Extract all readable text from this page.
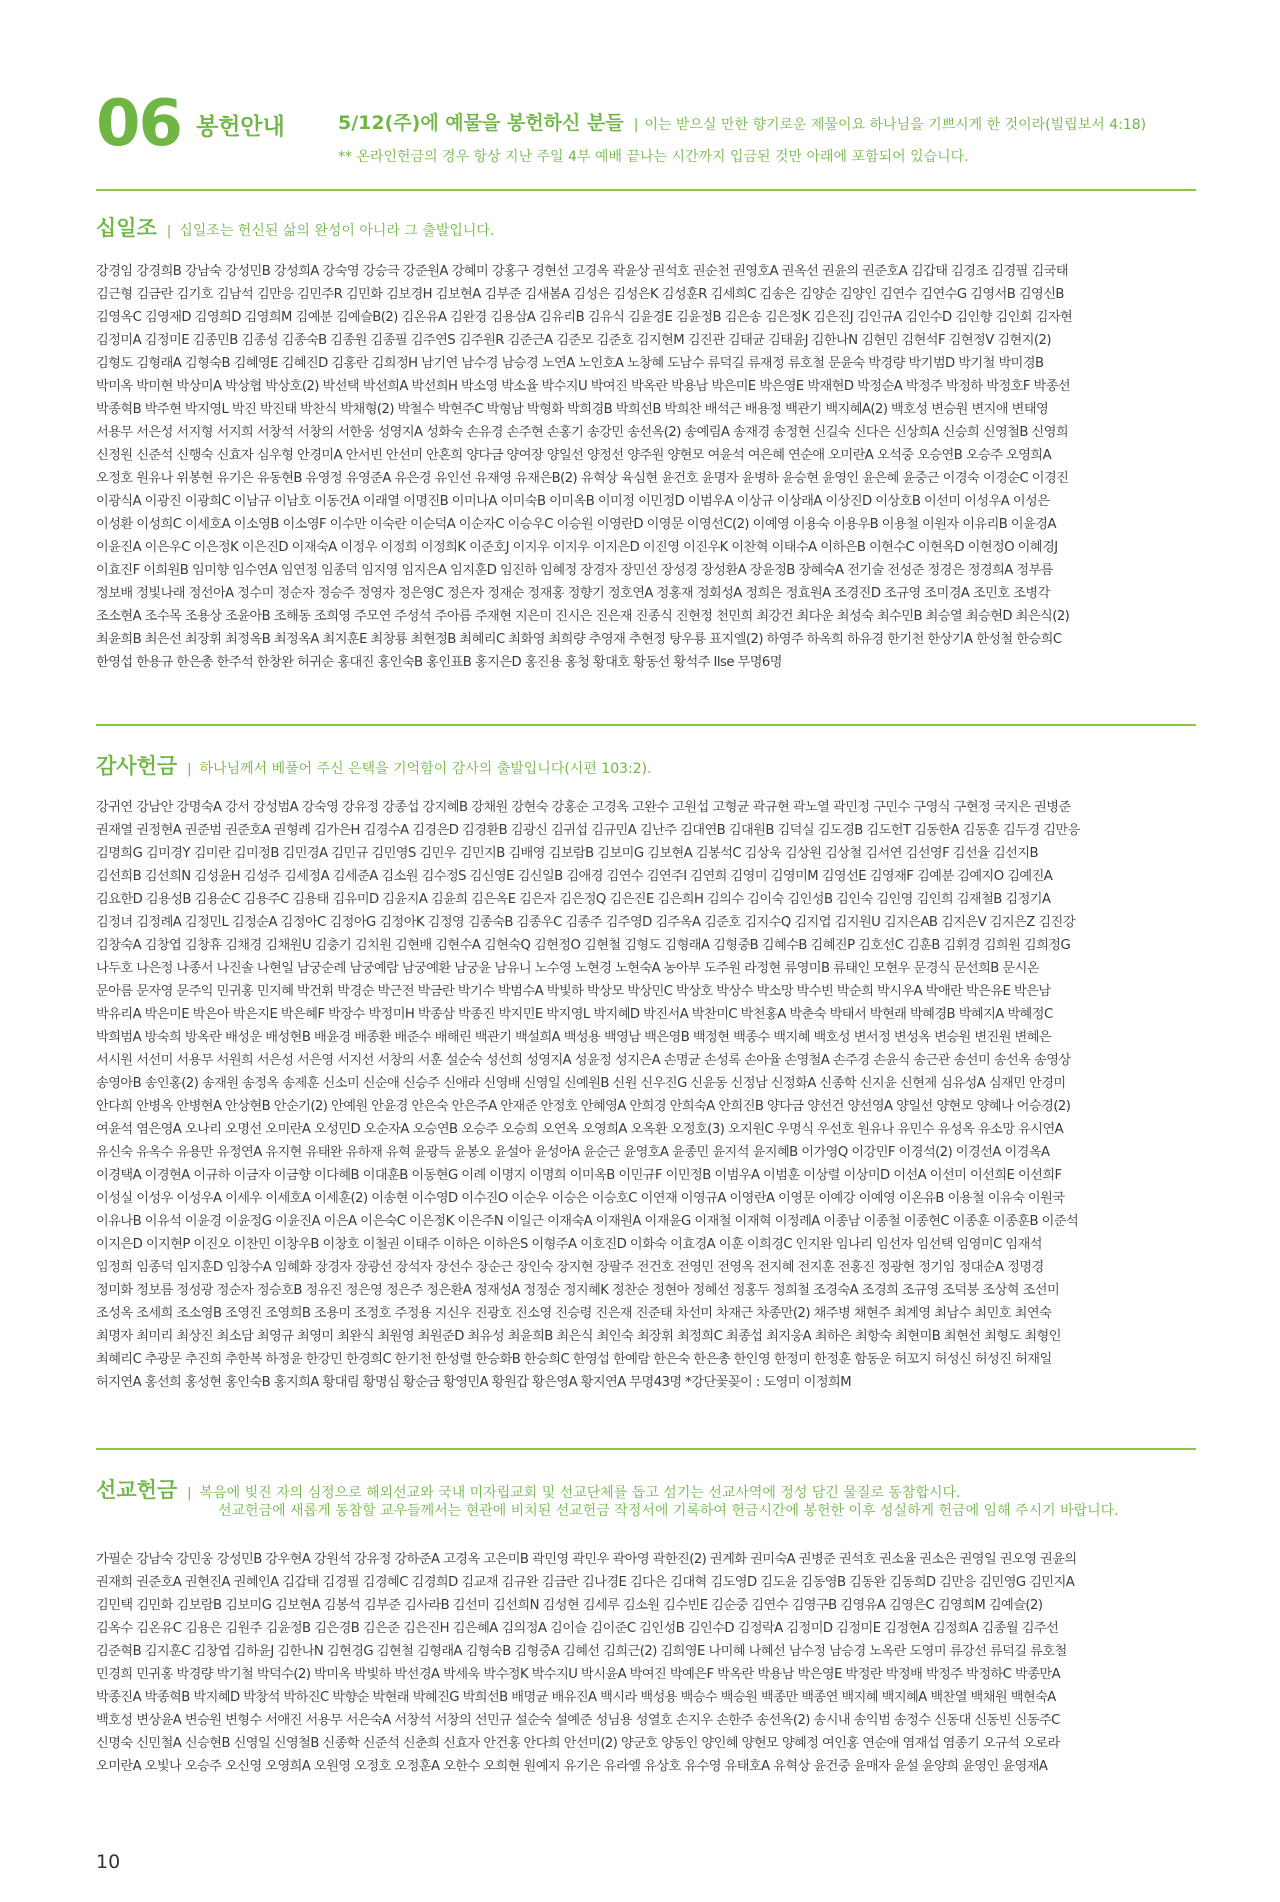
06 봉헌안내	5/12(주)에 예물을 봉헌하신 분들 | 이는 받으실 만한 향기로운 제물이요 하나님을 기쁘시게 한 것이라(빌립보서 4:18)
** 온라인헌금의 경우 항상 지난 주일 4부 예배 끝나는 시간까지 입금된 것만 아래에 포함되어 있습니다.
십일조 | 십일조는 헌신된 삶의 완성이 아니라 그 출발입니다.
강경임 강경희B 강남숙 강성민B 강성희A 강숙영 강승극 강준원A 강혜미 강홍구 경현선 고경옥 곽윤상 권석호 권순천 권영호A 권옥선 권윤의 권준호A 김갑태 김경조 김경필 김국태
김근형 김금란 김기호 김남석 김만응 김민주R 김민화 김보경H 김보현A 김부준 김새봄A 김성은 김성은K 김성훈R 김세희C 김송은 김양순 김양인 김연수 김연수G 김영서B 김영신B
김영옥C 김영재D 김영희D 김영희M 김예분 김예슬B(2) 김온유A 김완경 김용삼A 김유리B 김유식 김윤경E 김윤정B 김은송 김은정K 김은진J 김인규A 김인수D 김인향 김인회 김자현
김정미A 김정미E 김종민B 김종성 김종숙B 김종원 김종필 김주연S 김주원R 김준근A 김준모 김준호 김지현M 김진관 김태균 김태윤J 김한나N 김현민 김현석F 김현정V 김현지(2)
김형도 김형래A 김형숙B 김혜영E 김혜진D 김홍란 김희정H 남기연 남수경 남승경 노연A 노인호A 노창혜 도남수 류덕길 류재정 류호철 문윤숙 박경량 박기범D 박기철 박미경B
박미옥 박미현 박상미A 박상협 박상호(2) 박선택 박선희A 박선희H 박소영 박소율 박수지U 박여진 박옥란 박용남 박은미E 박은영E 박재현D 박정순A 박정주 박정하 박정호F 박종선
박종혁B 박주현 박지영L 박진 박진태 박찬식 박채형(2) 박철수 박현주C 박형남 박형화 박희경B 박희선B 박희찬 배석근 배용정 백관기 백지혜A(2) 백호성 변승원 변지애 변태영
서용무 서은성 서지형 서지희 서창석 서창의 서한웅 성영지A 성화숙 손유경 손주현 손홍기 송강민 송선옥(2) 송예림A 송재경 송정현 신길숙 신다은 신상희A 신승희 신영철B 신영희
신정원 신준석 신행숙 신효자 심우형 안경미A 안서빈 안선미 안혼희 양다금 양여장 양일선 양정선 양주원 양현모 여윤석 여은혜 연순애 오미란A 오석중 오승연B 오승주 오영희A
오정호 원유나 위봉현 유기은 유동현B 유영정 유영준A 유은경 유인선 유재영 유재은B(2) 유혁상 육심현 윤건호 윤명자 윤병하 윤승현 윤영인 윤은혜 윤중근 이경숙 이경순C 이경진
이광식A 이광진 이광희C 이남규 이남호 이동건A 이래열 이명진B 이미나A 이미숙B 이미옥B 이미정 이민정D 이범우A 이상규 이상래A 이상진D 이상호B 이선미 이성우A 이성은
이성환 이성희C 이세호A 이소영B 이소영F 이수만 이숙란 이순덕A 이순자C 이승우C 이승원 이영란D 이영문 이영선C(2) 이예영 이용숙 이용우B 이용철 이원자 이유리B 이윤경A
이윤진A 이은우C 이은정K 이은진D 이재숙A 이정우 이정희 이정희K 이준호J 이지우 이지우 이지은D 이진영 이진우K 이찬혁 이태수A 이하은B 이현수C 이현옥D 이현정O 이혜경J
이효진F 이희원B 임미향 임수연A 임연정 임종덕 임지영 임지은A 임지훈D 임진하 임혜정 장경자 장민선 장성경 장성환A 장윤정B 장혜숙A 전기술 전성준 정경은 정경희A 정부름
정보배 정빛나래 정선아A 정수미 정순자 정승주 정영자 정은영C 정은자 정재순 정재홍 정향기 정호연A 정홍재 정회성A 정희은 정효원A 조경진D 조규영 조미경A 조민호 조병각
조소현A 조수목 조용상 조윤아B 조해동 조희영 주모연 주성석 주아름 주재현 지은미 진시은 진은재 진종식 진현정 천민희 최강건 최다운 최성숙 최수민B 최승열 최승현D 최은식(2)
최윤희B 최은선 최장휘 최정옥B 최정옥A 최지훈E 최창룡 최현정B 최혜리C 최화영 최희량 추영재 추현정 탕우룡 표지엘(2) 하영주 하옥희 하유경 한기천 한상기A 한성철 한승희C
한영섭 한용규 한은총 한주석 한창완 허귀순 홍대진 홍인숙B 홍인표B 홍지은D 홍진용 홍청 황대호 황동선 황석주 Ilse 무명6명
감사헌금 | 하나님께서 베풀어 주신 은택을 기억함이 감사의 출발입니다(시편 103:2).
강귀연 강남안 강명숙A 강서 강성범A 강숙영 강유정 강종섭 강지혜B 강채원 강현숙 강홍순 고경옥 고완수 고원섭 고형균 곽규현 곽노열 곽민정 구민수 구영식 구현정 국지은 권병준
권재열 권정현A 권준범 권준호A 권형례 김가은H 김경수A 김경은D 김경환B 김광신 김귀섭 김규민A 김난주 김대연B 김대원B 김덕실 김도경B 김도헌T 김동한A 김동훈 김두경 김만응
김명희G 김미경Y 김미란 김미정B 김민경A 김민규 김민영S 김민우 김민지B 김배영 김보람B 김보미G 김보현A 김봉석C 김상욱 김상원 김상철 김서연 김선영F 김선율 김선지B
김선희B 김선희N 김성윤H 김성주 김세정A 김세준A 김소원 김수정S 김신영E 김신일B 김애경 김연수 김연주I 김연희 김영미 김영미M 김영선E 김영재F 김예분 김예지O 김예진A
김요한D 김용성B 김용순C 김용주C 김용태 김유미D 김윤지A 김윤희 김은옥E 김은자 김은정Q 김은진E 김은희H 김의수 김이숙 김인성B 김인숙 김인영 김인희 김재철B 김정기A
김정녀 김정례A 김정민L 김정순A 김정아C 김정아G 김정아K 김정영 김종숙B 김종우C 김종주 김주영D 김주옥A 김준호 김지수Q 김지엽 김지원U 김지은AB 김지은V 김지은Z 김진강
김창숙A 김창엽 김창휴 김채경 김채원U 김충기 김치원 김현배 김현수A 김현숙Q 김현정O 김현철 김형도 김형래A 김형중B 김혜수B 김혜진P 김호선C 김훈B 김휘경 김희원 김희정G
나두호 나은정 나종서 나진솔 나현일 남궁순례 남궁예람 남궁예환 남궁윤 남유니 노수영 노현경 노현숙A 농아부 도주원 라정현 류영미B 류태인 모현우 문경식 문선희B 문시온
문아름 문자영 문주익 민귀홍 민지혜 박건휘 박경순 박근전 박금란 박기수 박범수A 박빛하 박상모 박상민C 박상호 박상수 박소망 박수빈 박순희 박시우A 박애란 박은유E 박은남
박유리A 박은미E 박은아 박은지E 박은혜F 박장수 박정미H 박종삼 박종진 박지민E 박지영L 박지혜D 박진서A 박찬미C 박천홍A 박춘숙 박태서 박현래 박혜경B 박혜지A 박혜정C
박희범A 방숙희 방옥란 배성운 배성현B 배윤경 배종환 배준수 배해린 백관기 백설희A 백성용 백영남 백은영B 백정현 백종수 백지혜 백호성 변서정 변성옥 변승원 변진원 변혜은
서시원 서선미 서용무 서원희 서은성 서은영 서지선 서창의 서훈 설순숙 성선희 성영지A 성윤정 성지은A 손명균 손성록 손아율 손영철A 손주경 손윤식 송근관 송선미 송선옥 송영상
송영아B 송인홍(2) 송재원 송정옥 송제훈 신소미 신순애 신승주 신애라 신영배 신영일 신예원B 신원 신우진G 신윤동 신정남 신정화A 신종학 신지윤 신현제 심유성A 심재민 안경미
안다희 안병옥 안병현A 안상현B 안순기(2) 안예원 안윤경 안은숙 안은주A 안재준 안정호 안혜영A 안희경 안희숙A 안희진B 양다금 양선건 양선영A 양일선 양현모 양혜나 어승경(2)
여윤석 염은영A 오나리 오명선 오미란A 오성민D 오순자A 오승연B 오승주 오승희 오연옥 오영희A 오옥환 오정호(3) 오지원C 우명식 우선호 원유나 유민수 유성옥 유소망 유시연A
유신숙 유옥수 유용만 유정연A 유지현 유태완 유하재 유혁 윤광득 윤봉오 윤설아 윤성아A 윤순근 윤영호A 윤종민 윤지석 윤지혜B 이가영Q 이강민F 이경석(2) 이경선A 이경옥A
이경택A 이경현A 이규하 이금자 이금향 이다혜B 이대훈B 이동현G 이례 이명지 이명희 이미옥B 이민규F 이민정B 이범우A 이범훈 이상렬 이상미D 이선A 이선미 이선희E 이선희F
이성실 이성우 이성우A 이세우 이세호A 이세훈(2) 이송현 이수영D 이수진O 이순우 이승은 이승호C 이연재 이영규A 이영란A 이영문 이예강 이예영 이온유B 이용철 이유숙 이원국
이유나B 이유석 이윤경 이윤정G 이윤진A 이은A 이은숙C 이은정K 이은주N 이일근 이재숙A 이재원A 이재윤G 이재철 이재혁 이정례A 이종남 이종철 이종현C 이종훈 이종훈B 이준석
이지은D 이지현P 이진오 이찬민 이창우B 이창호 이철권 이태주 이하은 이하은S 이형주A 이호진D 이화숙 이효경A 이훈 이희경C 인지완 임나리 임선자 임선택 임영미C 임재석
임정희 임종덕 임지훈D 임창수A 임혜화 장경자 장광선 장석자 장선수 장순근 장인숙 장지현 장팔주 전건호 전영민 전영옥 전지혜 전지훈 전홍진 정광현 정기임 정대순A 정명경
정미화 정보름 정성광 정순자 정승호B 정유진 정은영 정은주 정은환A 정재성A 정정순 정지혜K 정찬순 정현아 정혜선 정홍두 정희철 조경숙A 조경희 조규영 조덕붕 조상혁 조선미
조성옥 조세희 조소영B 조영진 조영희B 조용미 조정호 주정용 지신우 진광호 진소영 진승령 진은재 진준태 차선미 차재근 차종만(2) 채주병 채현주 최계영 최남수 최민호 최연숙
최명자 최미리 최상진 최소담 최영규 최영미 최완식 최원영 최원준D 최유성 최윤희B 최은식 최인숙 최장휘 최정희C 최종섭 최지웅A 최하은 최항숙 최현미B 최현선 최형도 최형인
최혜리C 추광문 추진희 추한복 하정윤 한강민 한경희C 한기천 한성렬 한승화B 한승희C 한영섭 한예람 한은숙 한은총 한인영 한정미 한정훈 함동운 허꼬지 허성신 허성진 허재일
허지연A 홍선희 홍성현 홍인숙B 홍지희A 황대림 황명심 황순금 황영민A 황원갑 황은영A 황지연A 무명43명 *강단꽃꽂이 : 도영미 이정희M
선교헌금 | 복음에 빚진 자의 심정으로 해외선교와 국내 미자립교회 및 선교단체를 돕고 섬기는 선교사역에 정성 담긴 물질로 동참합시다.
선교헌금에 새롭게 동참할 교우들께서는 현관에 비치된 선교헌금 작정서에 기록하여 헌금시간에 봉헌한 이후 성실하게 헌금에 임해 주시기 바랍니다.
가필순 강남숙 강민웅 강성민B 강우현A 강원석 강유정 강하준A 고경옥 고은미B 곽민영 곽민우 곽아영 곽한진(2) 권계화 권미숙A 권병준 권석호 권소율 권소은 권영일 권오영 권윤의
권재희 권준호A 권현진A 권혜인A 김갑태 김경필 김경혜C 김경희D 김교재 김규완 김금란 김나경E 김다은 김대혁 김도영D 김도윤 김동영B 김동완 김동희D 김만응 김민영G 김민지A
김민택 김민화 김보람B 김보미G 김보현A 김봉석 김부준 김사라B 김선미 김선희N 김성현 김세루 김소원 김수빈E 김순중 김연수 김영구B 김영유A 김영은C 김영희M 김예슬(2)
김옥수 김온유C 김용은 김원주 김윤정B 김은경B 김은준 김은진H 김은혜A 김의정A 김이슬 김이준C 김인성B 김인수D 김정락A 김정미D 김정미E 김정현A 김정희A 김종월 김주선
김준혁B 김지훈C 김창엽 김하윤J 김한나N 김현경G 김현철 김형래A 김형숙B 김형중A 김혜선 김희근(2) 김희영E 나미혜 나혜선 남수정 남승경 노옥란 도영미 류강선 류덕길 류호철
민경희 민귀홍 박경량 박기철 박덕수(2) 박미옥 박빛하 박선경A 박세욱 박수정K 박수지U 박시윤A 박여진 박예은F 박옥란 박용남 박은영E 박정란 박정배 박정주 박정하C 박종만A
박종진A 박종혁B 박지혜D 박창석 박하진C 박향순 박현래 박혜진G 박희선B 배명균 배유진A 백시라 백성용 백승수 백승원 백종만 백종연 백지혜 백지혜A 백찬열 백채원 백현숙A
백호성 변상윤A 변승원 변형수 서애진 서용무 서은숙A 서창석 서창의 선민규 설순숙 설예준 성님용 성열호 손지우 손한주 송선옥(2) 송시내 송익범 송정수 신동대 신동빈 신동주C
신명숙 신민철A 신승현B 신영일 신영철B 신종학 신준석 신춘희 신효자 안건홍 안다희 안선미(2) 양군호 양동인 양인혜 양현모 양혜정 여인홍 연순애 염재섭 염종기 오규석 오로라
오미란A 오빛나 오승주 오신영 오영희A 오원영 오정호 오정훈A 오한수 오희현 원예지 유기은 유라엘 유상호 유수영 유태호A 유혁상 윤건중 윤매자 윤설 윤양희 윤영인 윤영재A
10
